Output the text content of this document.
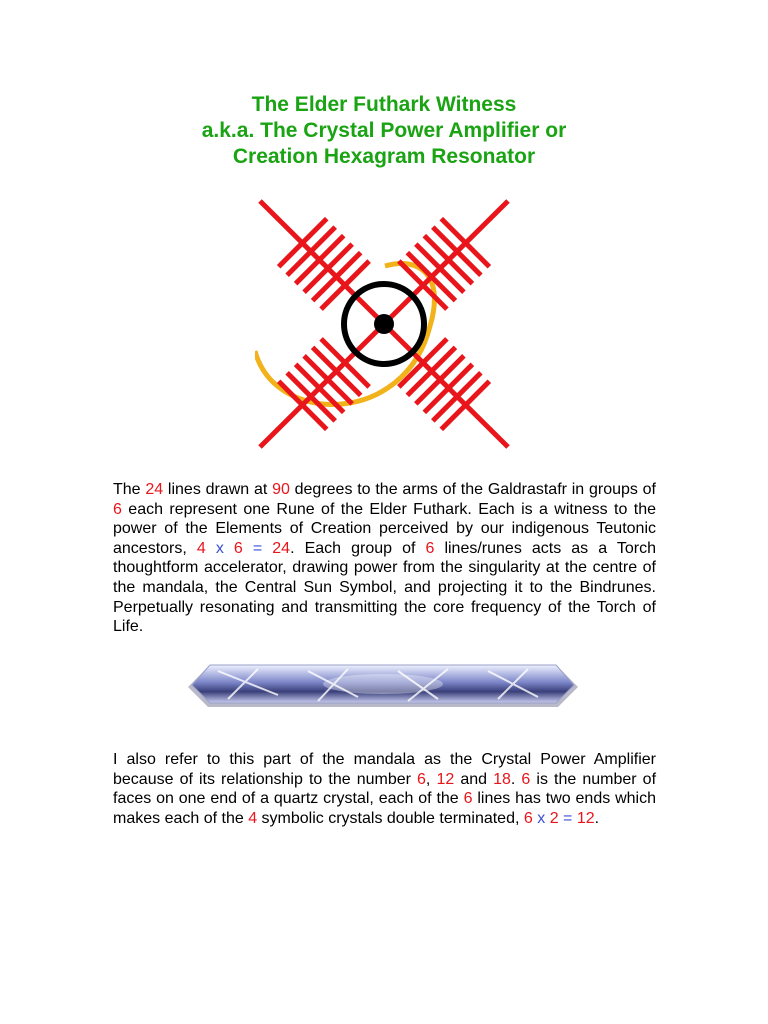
The Elder Futhark Witness
a.k.a. The Crystal Power Amplifier or
Creation Hexagram Resonator
The 24 lines drawn at 90 degrees to the arms of the Galdrastafr in groups of 6 each represent one Rune of the Elder Futhark. Each is a witness to the power of the Elements of Creation perceived by our indigenous Teutonic ancestors, 4 x 6 = 24. Each group of 6 lines/runes acts as a Torch thoughtform accelerator, drawing power from the singularity at the centre of the mandala, the Central Sun Symbol, and projecting it to the Bindrunes. Perpetually resonating and transmitting the core frequency of the Torch of Life.
I also refer to this part of the mandala as the Crystal Power Amplifier because of its relationship to the number 6, 12 and 18. 6 is the number of faces on one end of a quartz crystal, each of the 6 lines has two ends which makes each of the 4 symbolic crystals double terminated, 6 x 2 = 12.
